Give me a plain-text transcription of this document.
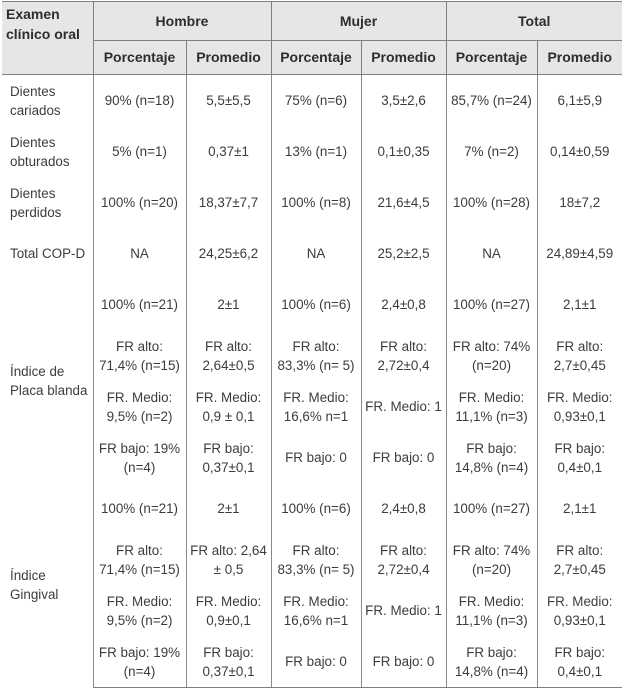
Examen clínico oral	Hombre		Mujer		Total	
	Porcentaje	Promedio	Porcentaje	Promedio	Porcentaje	Promedio
Dientes cariados	90% (n=18)	5,5±5,5	75% (n=6)	3,5±2,6	85,7% (n=24)	6,1±5,9
Dientes obturados	5% (n=1)	0,37±1	13% (n=1)	0,1±0,35	7% (n=2)	0,14±0,59
Dientes perdidos	100% (n=20)	18,37±7,7	100% (n=8)	21,6±4,5	100% (n=28)	18±7,2
Total COP-D	NA	24,25±6,2	NA	25,2±2,5	NA	24,89±4,59
Índice de Placa blanda	100% (n=21)	2±1	100% (n=6)	2,4±0,8	100% (n=27)	2,1±1
	FR alto: 71,4% (n=15)	FR alto: 2,64±0,5	FR alto: 83,3% (n= 5)	FR alto: 2,72±0,4	FR alto: 74% (n=20)	FR alto: 2,7±0,45
	FR. Medio: 9,5% (n=2)	FR. Medio: 0,9 ± 0,1	FR. Medio: 16,6% n=1	FR. Medio: 1	FR. Medio: 11,1% (n=3)	FR. Medio: 0,93±0,1
	FR bajo: 19% (n=4)	FR bajo: 0,37±0,1	FR bajo: 0	FR bajo: 0	FR bajo: 14,8% (n=4)	FR bajo: 0,4±0,1
Índice Gingival	100% (n=21)	2±1	100% (n=6)	2,4±0,8	100% (n=27)	2,1±1
	FR alto: 71,4% (n=15)	FR alto: 2,64 ± 0,5	FR alto: 83,3% (n= 5)	FR alto: 2,72±0,4	FR alto: 74% (n=20)	FR alto: 2,7±0,45
	FR. Medio: 9,5% (n=2)	FR. Medio: 0,9±0,1	FR. Medio: 16,6% n=1	FR. Medio: 1	FR. Medio: 11,1% (n=3)	FR. Medio: 0,93±0,1
	FR bajo: 19% (n=4)	FR bajo: 0,37±0,1	FR bajo: 0	FR bajo: 0	FR bajo: 14,8% (n=4)	FR bajo: 0,4±0,1
